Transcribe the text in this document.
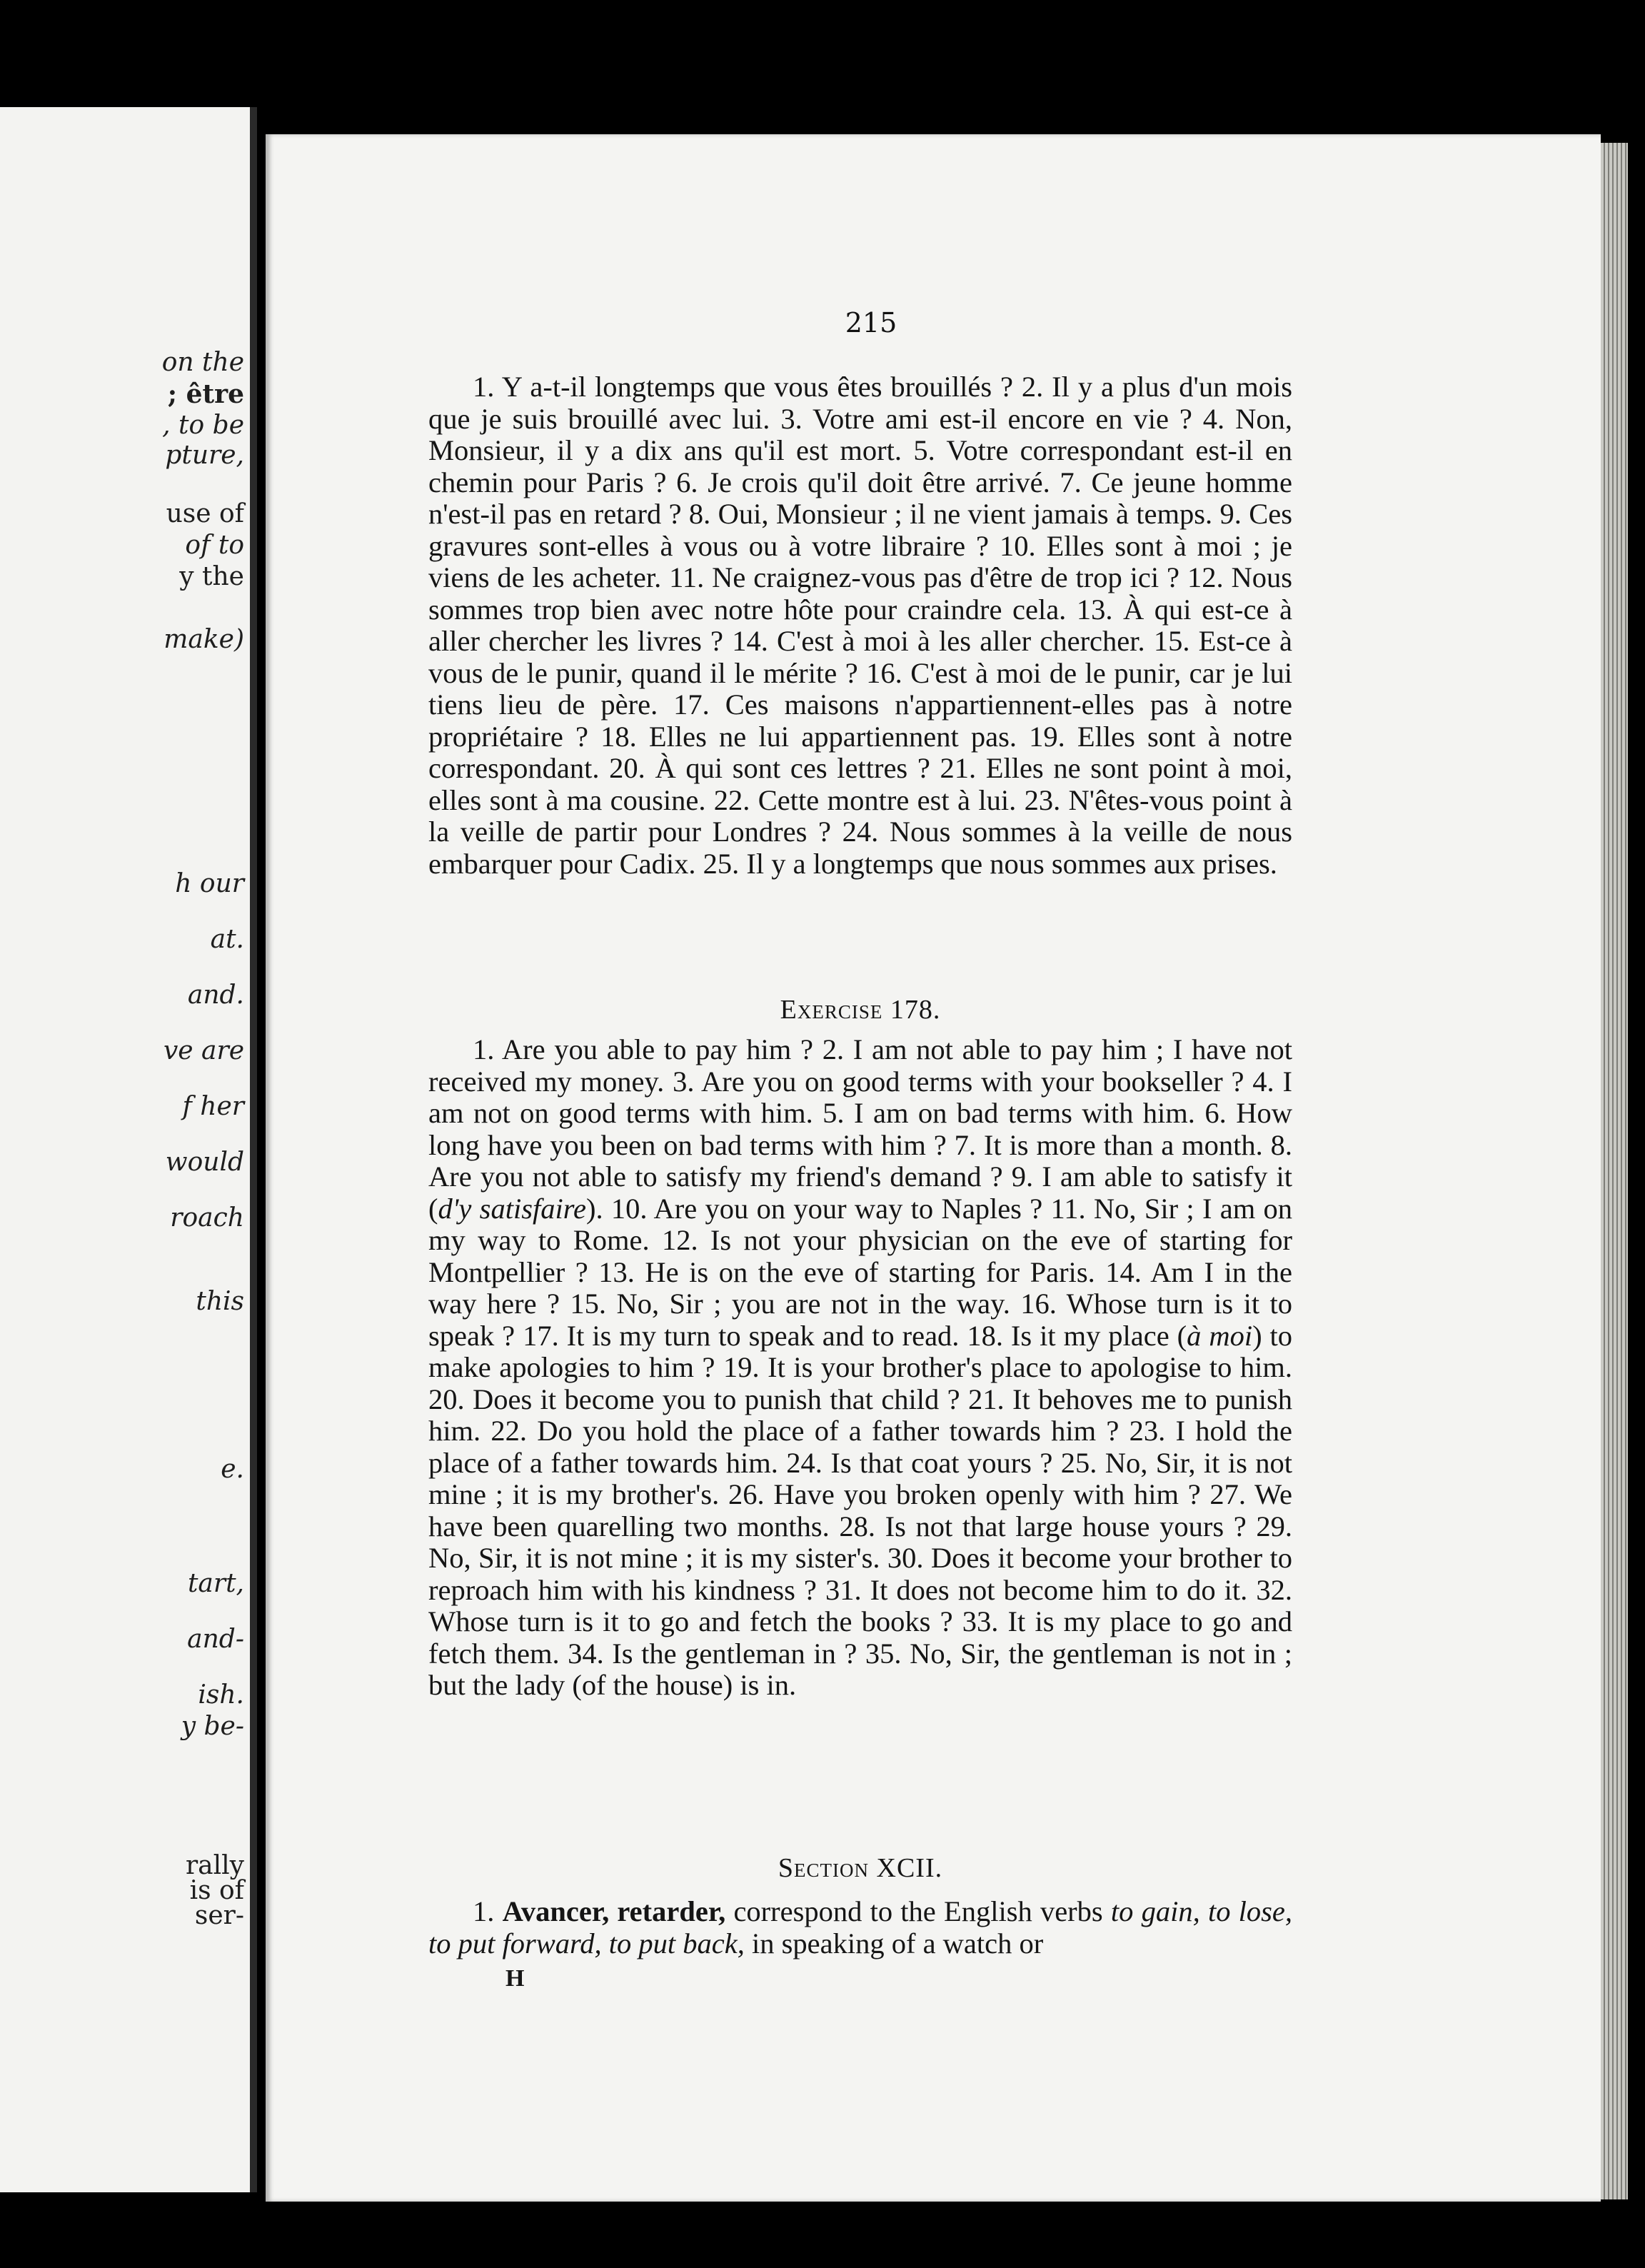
on the

; être

, to be

pture,

use of

of to

y the

make)

h our

at.

and.

ve are

f her

would

roach

this

e.

tart,

and-

ish.

y be-

rally

is of

ser-

215

1. Y a-t-il longtemps que vous êtes brouillés ? 2. Il y a plus d'un mois que je suis brouillé avec lui. 3. Votre ami est-il encore en vie ? 4. Non, Monsieur, il y a dix ans qu'il est mort. 5. Votre correspondant est-il en chemin pour Paris ? 6. Je crois qu'il doit être arrivé. 7. Ce jeune homme n'est-il pas en retard ? 8. Oui, Monsieur ; il ne vient jamais à temps. 9. Ces gravures sont-elles à vous ou à votre libraire ? 10. Elles sont à moi ; je viens de les acheter. 11. Ne craignez-vous pas d'être de trop ici ? 12. Nous sommes trop bien avec notre hôte pour craindre cela. 13. À qui est-ce à aller chercher les livres ? 14. C'est à moi à les aller chercher. 15. Est-ce à vous de le punir, quand il le mérite ? 16. C'est à moi de le punir, car je lui tiens lieu de père. 17. Ces maisons n'appartiennent-elles pas à notre propriétaire ? 18. Elles ne lui appartiennent pas. 19. Elles sont à notre correspondant. 20. À qui sont ces lettres ? 21. Elles ne sont point à moi, elles sont à ma cousine. 22. Cette montre est à lui. 23. N'êtes-vous point à la veille de partir pour Londres ? 24. Nous sommes à la veille de nous embarquer pour Cadix. 25. Il y a longtemps que nous sommes aux prises.

Exercise 178.

1. Are you able to pay him ? 2. I am not able to pay him ; I have not received my money. 3. Are you on good terms with your bookseller ? 4. I am not on good terms with him. 5. I am on bad terms with him. 6. How long have you been on bad terms with him ? 7. It is more than a month. 8. Are you not able to satisfy my friend's demand ? 9. I am able to satisfy it (d'y satisfaire). 10. Are you on your way to Naples ? 11. No, Sir ; I am on my way to Rome. 12. Is not your physician on the eve of starting for Montpellier ? 13. He is on the eve of starting for Paris. 14. Am I in the way here ? 15. No, Sir ; you are not in the way. 16. Whose turn is it to speak ? 17. It is my turn to speak and to read. 18. Is it my place (à moi) to make apologies to him ? 19. It is your brother's place to apologise to him. 20. Does it become you to punish that child ? 21. It behoves me to punish him. 22. Do you hold the place of a father towards him ? 23. I hold the place of a father towards him. 24. Is that coat yours ? 25. No, Sir, it is not mine ; it is my brother's. 26. Have you broken openly with him ? 27. We have been quarelling two months. 28. Is not that large house yours ? 29. No, Sir, it is not mine ; it is my sister's. 30. Does it become your brother to reproach him with his kindness ? 31. It does not become him to do it. 32. Whose turn is it to go and fetch the books ? 33. It is my place to go and fetch them. 34. Is the gentleman in ? 35. No, Sir, the gentleman is not in ; but the lady (of the house) is in.

Section XCII.

1. Avancer, retarder, correspond to the English verbs to gain, to lose, to put forward, to put back, in speaking of a watch or

H
